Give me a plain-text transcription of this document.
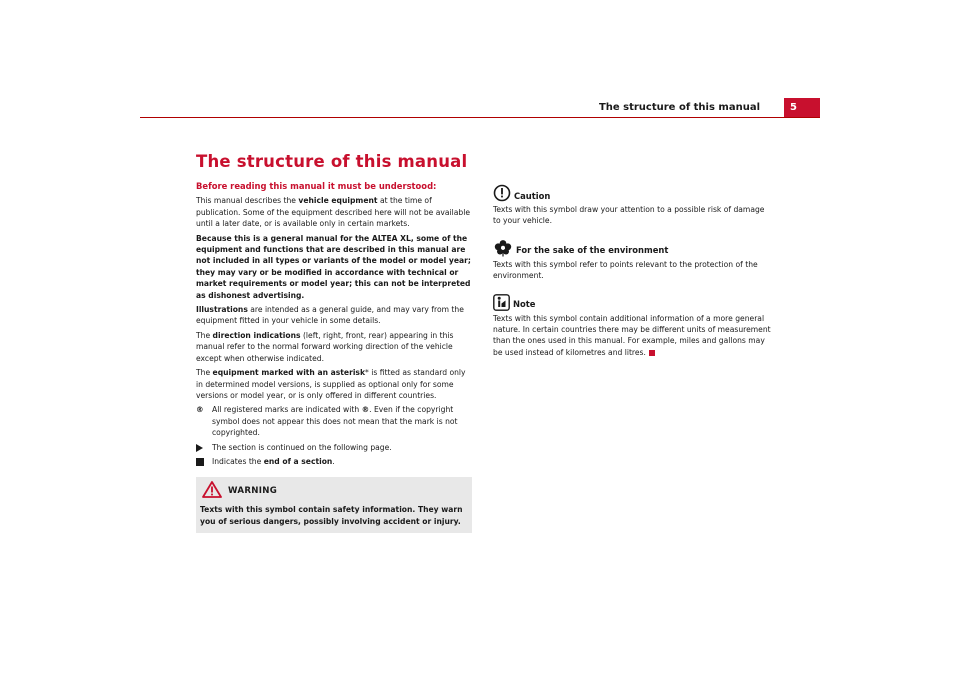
The structure of this manual	5
The structure of this manual
Before reading this manual it must be understood:

This manual describes the vehicle equipment at the time of publication. Some of the equipment described here will not be available until a later date, or is available only in certain markets.

Because this is a general manual for the ALTEA XL, some of the equipment and functions that are described in this manual are not included in all types or variants of the model or model year; they may vary or be modified in accordance with technical or market requirements or model year; this can not be interpreted as dishonest advertising.

Illustrations are intended as a general guide, and may vary from the equipment fitted in your vehicle in some details.

The direction indications (left, right, front, rear) appearing in this manual refer to the normal forward working direction of the vehicle except when otherwise indicated.

The equipment marked with an asterisk* is fitted as standard only in determined model versions, is supplied as optional only for some versions or model year, or is only offered in different countries.

®	All registered marks are indicated with ®. Even if the copyright symbol does not appear this does not mean that the mark is not copyrighted.
The section is continued on the following page.
Indicates the end of a section.
WARNING
Texts with this symbol contain safety information. They warn you of serious dangers, possibly involving accident or injury.
Caution
Texts with this symbol draw your attention to a possible risk of damage to your vehicle.
For the sake of the environment
Texts with this symbol refer to points relevant to the protection of the environment.
Note
Texts with this symbol contain additional information of a more general nature. In certain countries there may be different units of measurement than the ones used in this manual. For example, miles and gallons may be used instead of kilometres and litres.
